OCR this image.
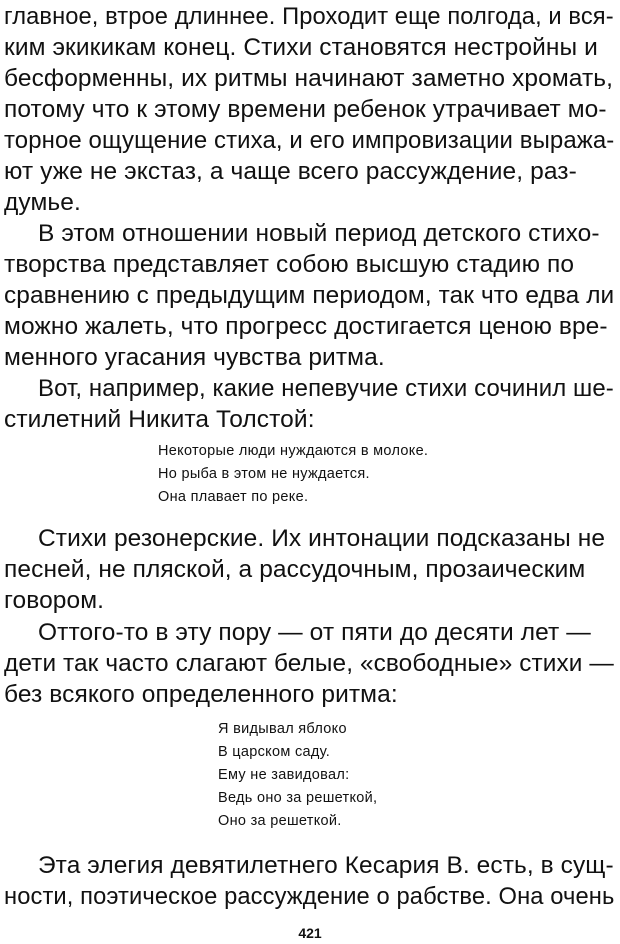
главное, втрое длиннее. Проходит еще полгода, и вся-
ким экикикам конец. Стихи становятся нестройны и
бесформенны, их ритмы начинают заметно хромать,
потому что к этому времени ребенок утрачивает мо-
торное ощущение стиха, и его импровизации выража-
ют уже не экстаз, а чаще всего рассуждение, раз-
думье.
В этом отношении новый период детского стихо-
творства представляет собою высшую стадию по
сравнению с предыдущим периодом, так что едва ли
можно жалеть, что прогресс достигается ценою вре-
менного угасания чувства ритма.
Вот, например, какие непевучие стихи сочинил ше-
стилетний Никита Толстой:
Некоторые люди нуждаются в молоке.
Но рыба в этом не нуждается.
Она плавает по реке.
Стихи резонерские. Их интонации подсказаны не
песней, не пляской, а рассудочным, прозаическим
говором.
Оттого-то в эту пору — от пяти до десяти лет —
дети так часто слагают белые, «свободные» стихи —
без всякого определенного ритма:
Я видывал яблоко
В царском саду.
Ему не завидовал:
Ведь оно за решеткой,
Оно за решеткой.
Эта элегия девятилетнего Кесария В. есть, в сущ-
ности, поэтическое рассуждение о рабстве. Она очень
421
